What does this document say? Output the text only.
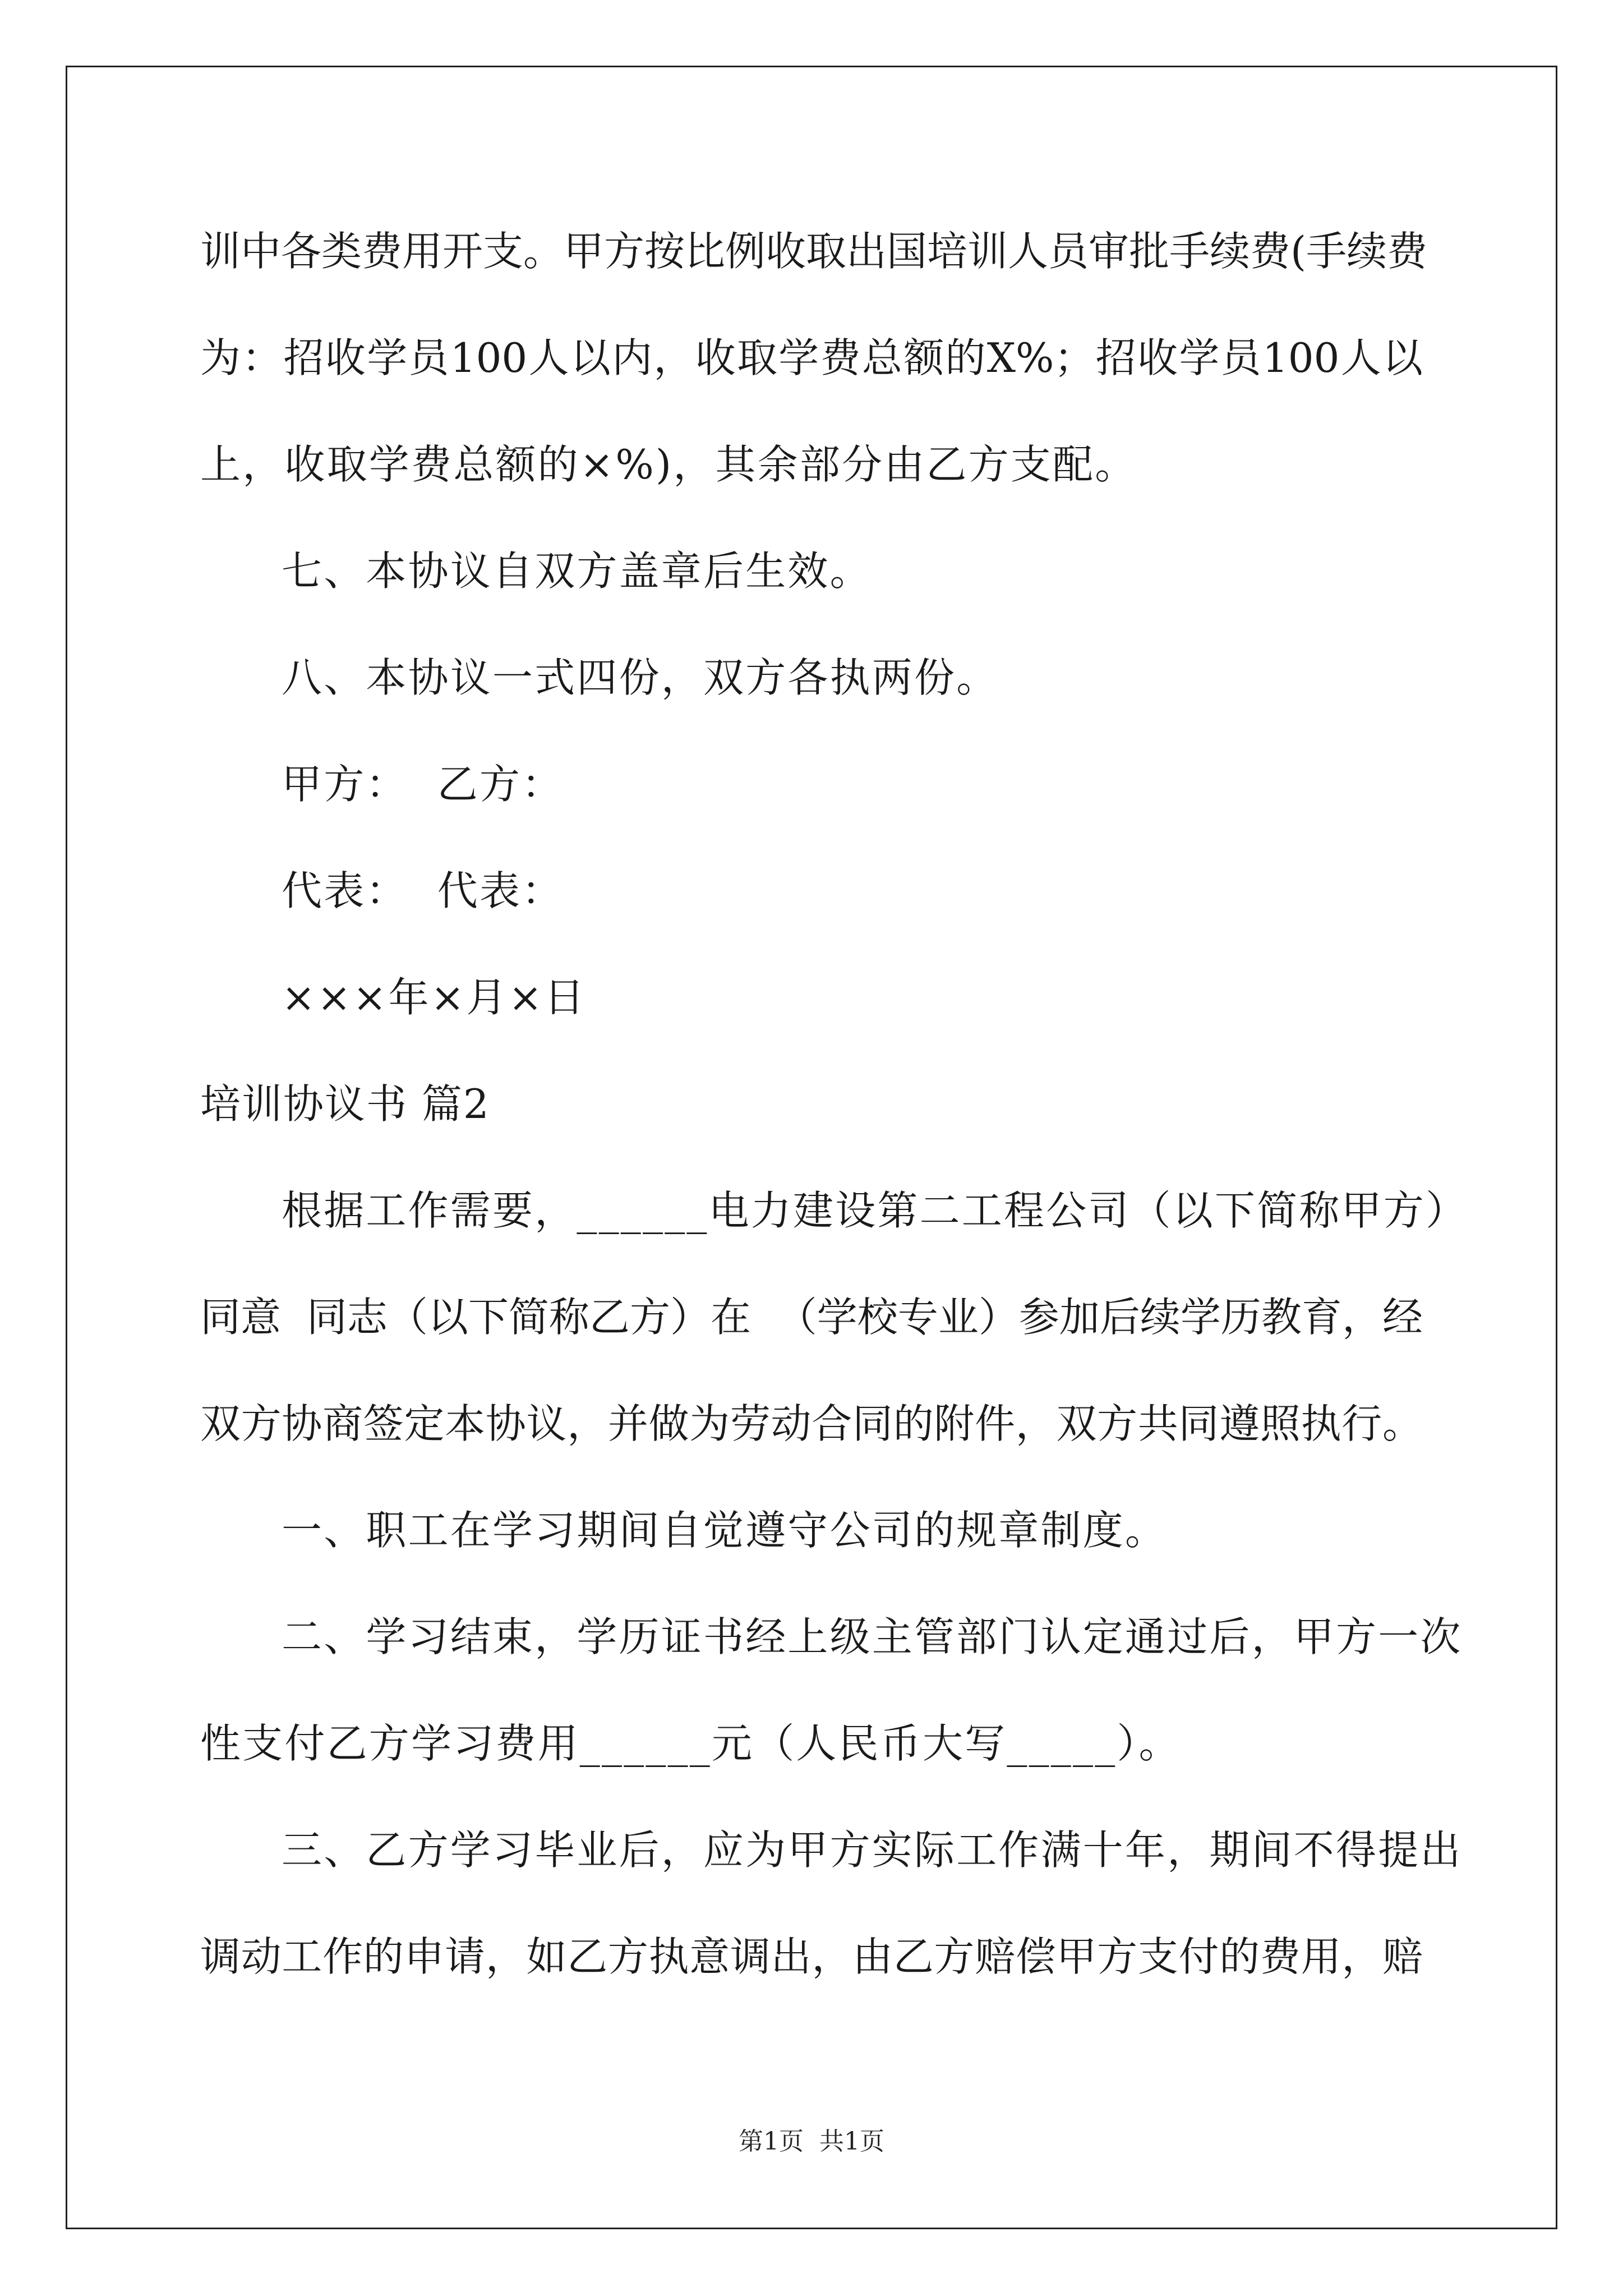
训中各类费用开支。甲方按比例收取出国培训人员审批手续费(手续费
为：招收学员100人以内，收取学费总额的X%；招收学员100人以
上，收取学费总额的×%)，其余部分由乙方支配。
七、本协议自双方盖章后生效。
八、本协议一式四份，双方各执两份。
甲方：  乙方：
代表：  代表：
×××年×月×日
培训协议书 篇2
根据工作需要，______电力建设第二工程公司（以下简称甲方）
同意  同志（以下简称乙方）在  （学校专业）参加后续学历教育，经
双方协商签定本协议，并做为劳动合同的附件，双方共同遵照执行。
一、职工在学习期间自觉遵守公司的规章制度。
二、学习结束，学历证书经上级主管部门认定通过后，甲方一次
性支付乙方学习费用______元（人民币大写_____）。
三、乙方学习毕业后，应为甲方实际工作满十年，期间不得提出
调动工作的申请，如乙方执意调出，由乙方赔偿甲方支付的费用，赔
第1页  共1页
